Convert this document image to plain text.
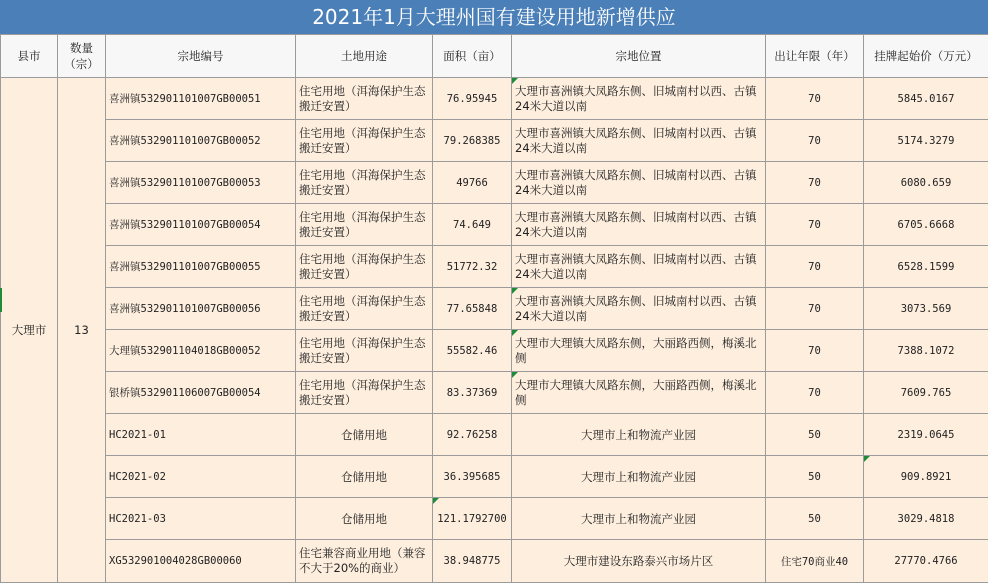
2021年1月大理州国有建设用地新增供应
县市	数量（宗）	宗地编号	土地用途	面积（亩）	宗地位置	出让年限（年）	挂牌起始价（万元）
大理市	13	喜洲镇532901101007GB00051	住宅用地（洱海保护生态搬迁安置）	76.95945	大理市喜洲镇大凤路东侧、旧城南村以西、古镇24米大道以南	70	5845.0167
		喜洲镇532901101007GB00052	住宅用地（洱海保护生态搬迁安置）	79.268385	大理市喜洲镇大凤路东侧、旧城南村以西、古镇24米大道以南	70	5174.3279
		喜洲镇532901101007GB00053	住宅用地（洱海保护生态搬迁安置）	49766	大理市喜洲镇大凤路东侧、旧城南村以西、古镇24米大道以南	70	6080.659
		喜洲镇532901101007GB00054	住宅用地（洱海保护生态搬迁安置）	74.649	大理市喜洲镇大凤路东侧、旧城南村以西、古镇24米大道以南	70	6705.6668
		喜洲镇532901101007GB00055	住宅用地（洱海保护生态搬迁安置）	51772.32	大理市喜洲镇大凤路东侧、旧城南村以西、古镇24米大道以南	70	6528.1599
		喜洲镇532901101007GB00056	住宅用地（洱海保护生态搬迁安置）	77.65848	大理市喜洲镇大凤路东侧、旧城南村以西、古镇24米大道以南	70	3073.569
		大理镇532901104018GB00052	住宅用地（洱海保护生态搬迁安置）	55582.46	大理市大理镇大凤路东侧，大丽路西侧，梅溪北侧	70	7388.1072
		银桥镇532901106007GB00054	住宅用地（洱海保护生态搬迁安置）	83.37369	大理市大理镇大凤路东侧，大丽路西侧，梅溪北侧	70	7609.765
		HC2021-01	仓储用地	92.76258	大理市上和物流产业园	50	2319.0645
		HC2021-02	仓储用地	36.395685	大理市上和物流产业园	50	909.8921
		HC2021-03	仓储用地	121.1792700	大理市上和物流产业园	50	3029.4818
		XG532901004028GB00060	住宅兼容商业用地（兼容不大于20%的商业）	38.948775	大理市建设东路泰兴市场片区	住宅70商业40	27770.4766
